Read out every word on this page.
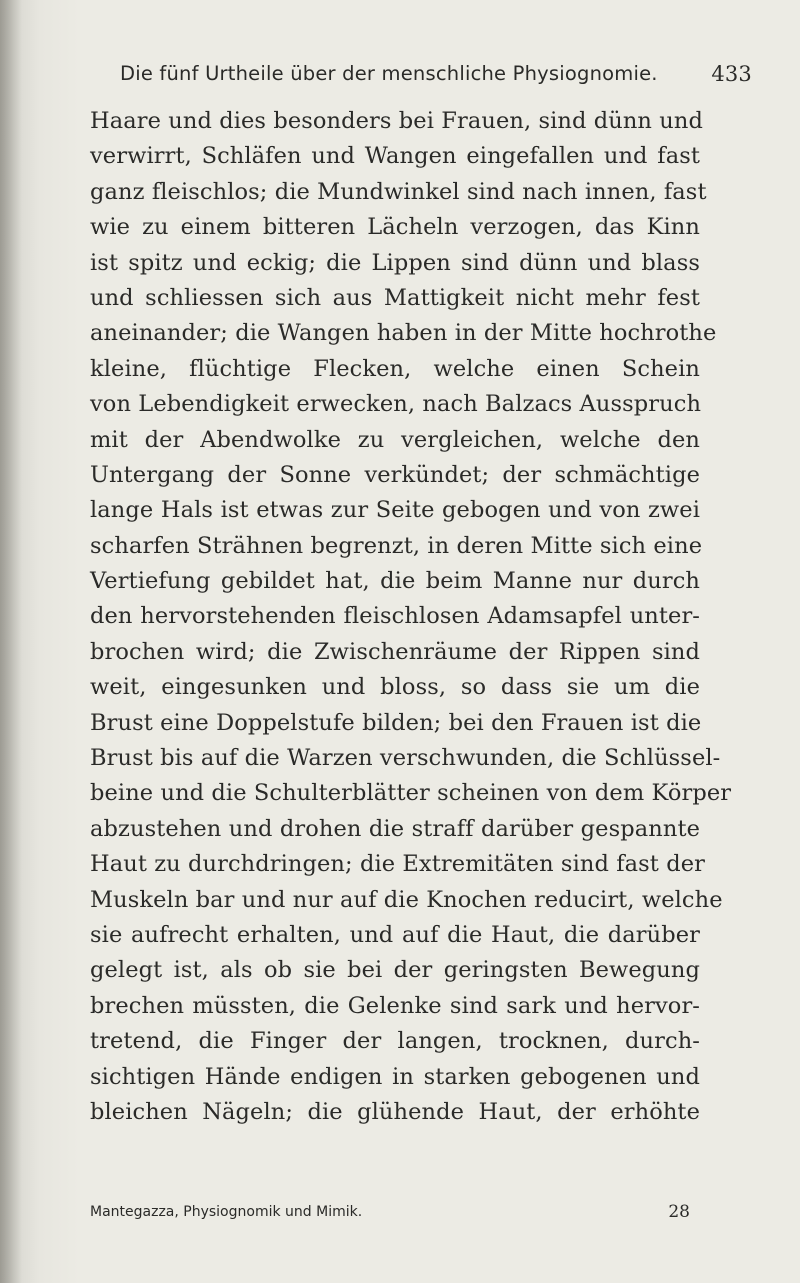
Die fünf Urtheile über der menschliche Physiognomie.	433
Haare und dies besonders bei Frauen, sind dünn und
verwirrt, Schläfen und Wangen eingefallen und fast
ganz fleischlos; die Mundwinkel sind nach innen, fast
wie zu einem bitteren Lächeln verzogen, das Kinn
ist spitz und eckig; die Lippen sind dünn und blass
und schliessen sich aus Mattigkeit nicht mehr fest
aneinander; die Wangen haben in der Mitte hochrothe
kleine, flüchtige Flecken, welche einen Schein
von Lebendigkeit erwecken, nach Balzacs Ausspruch
mit der Abendwolke zu vergleichen, welche den
Untergang der Sonne verkündet; der schmächtige
lange Hals ist etwas zur Seite gebogen und von zwei
scharfen Strähnen begrenzt, in deren Mitte sich eine
Vertiefung gebildet hat, die beim Manne nur durch
den hervorstehenden fleischlosen Adamsapfel unter-
brochen wird; die Zwischenräume der Rippen sind
weit, eingesunken und bloss, so dass sie um die
Brust eine Doppelstufe bilden; bei den Frauen ist die
Brust bis auf die Warzen verschwunden, die Schlüssel-
beine und die Schulterblätter scheinen von dem Körper
abzustehen und drohen die straff darüber gespannte
Haut zu durchdringen; die Extremitäten sind fast der
Muskeln bar und nur auf die Knochen reducirt, welche
sie aufrecht erhalten, und auf die Haut, die darüber
gelegt ist, als ob sie bei der geringsten Bewegung
brechen müssten, die Gelenke sind sark und hervor-
tretend, die Finger der langen, trocknen, durch-
sichtigen Hände endigen in starken gebogenen und
bleichen Nägeln; die glühende Haut, der erhöhte
Mantegazza, Physiognomik und Mimik.	28
